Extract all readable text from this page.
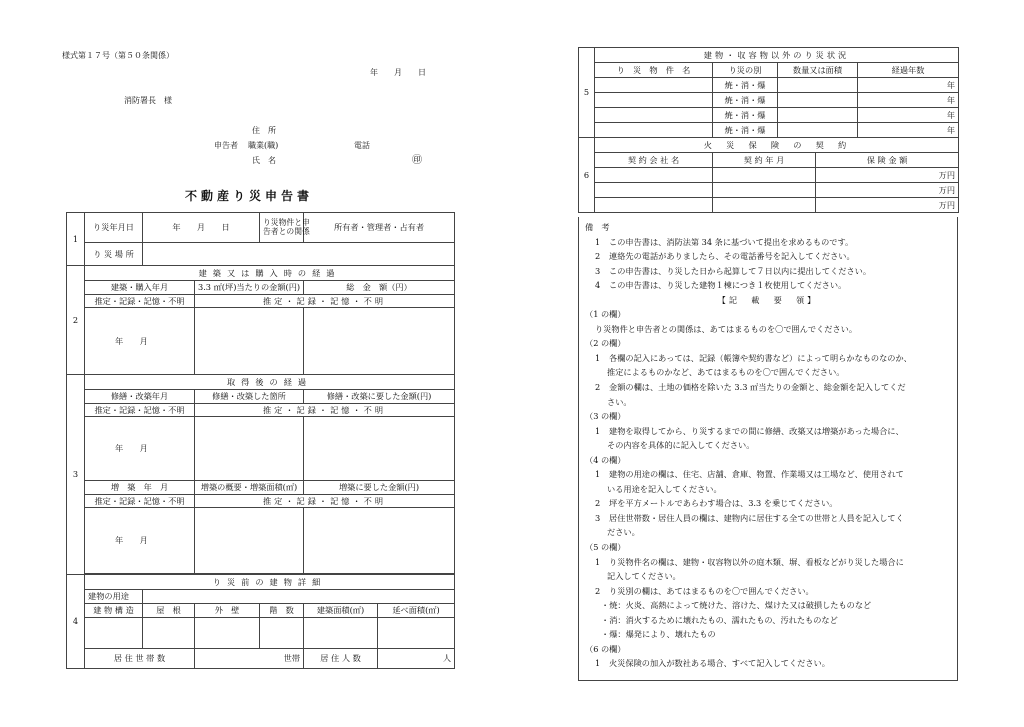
様式第１７号（第５０条関係）
年　　月　　日
消防署長　様
住　所
申告者 職業(職)	電話
氏　名	㊞
不動産り災申告書
1	り災年月日	年　　月　　日		り災物件と申
告者との関係	所有者・管理者・占有者	
	り 災 場 所					
2	建築又は購入時の経過					
	建築・購入年月		3.3 ㎡(坪)当たりの金額(円)		総　金　額（円）	
	推定・記録・記憶・不明		推定・記録・記憶・不明			
	年　　月					
3	取得後の経過					
	修繕・改築年月		修繕・改築した箇所		修繕・改築に要した金額(円)	
	推定・記録・記憶・不明		推定・記録・記憶・不明			
	年　　月					
	増　築　年　月		増築の概要・増築面積(㎡)		増築に要した金額(円)	
	推定・記録・記憶・不明		推定・記録・記憶・不明			
	年　　月					

4	り災前の建物詳細					
	建物の用途					
	建 物 構 造	屋　根	外　壁	階　数	建築面積(㎡)	延べ面積(㎡)

	居 住 世 帯 数		世帯		居 住 人 数	人
5	建物・収容物以外のり災状況				
	り　災　物　件　名	り災の別	数量又は面積		経過年数
		焼・消・爆			年
		焼・消・爆			年
		焼・消・爆			年
		焼・消・爆			年
6	火　災　保　険　の　契　約				
	契 約 会 社 名	契 約 年 月		保 険 金 額	
				万円	
				万円	
				万円	
備　考
1 この申告書は、消防法第 34 条に基づいて提出を求めるものです。
2 連絡先の電話がありましたら、その電話番号を記入してください。
3 この申告書は、り災した日から起算して７日以内に提出してください。
4 この申告書は、り災した建物１棟につき１枚使用してください。
【記　載　要　領】
（1 の欄）
り災物件と申告者との関係は、あてはまるものを〇で囲んでください。
（2 の欄）
1 各欄の記入にあっては、記録（帳簿や契約書など）によって明らかなものなのか、
推定によるものかなど、あてはまるものを〇で囲んでください。
2 金額の欄は、土地の価格を除いた 3.3 ㎡当たりの金額と、総金額を記入してくだ
さい。
（3 の欄）
1 建物を取得してから、り災するまでの間に修繕、改築又は増築があった場合に、
その内容を具体的に記入してください。
（4 の欄）
1 建物の用途の欄は、住宅、店舗、倉庫、物置、作業場又は工場など、使用されて
いる用途を記入してください。
2 坪を平方メートルであらわす場合は、3.3 を乗じてください。
3 居住世帯数・居住人員の欄は、建物内に居住する全ての世帯と人員を記入してく
ださい。
（5 の欄）
1 り災物件名の欄は、建物・収容物以外の庭木類、塀、看板などがり災した場合に
記入してください。
2 り災別の欄は、あてはまるものを〇で囲んでください。
・焼：火炎、高熱によって焼けた、溶けた、煤けた又は破損したものなど
・消：消火するために壊れたもの、濡れたもの、汚れたものなど
・爆：爆発により、壊れたもの
（6 の欄）
1 火災保険の加入が数社ある場合、すべて記入してください。
